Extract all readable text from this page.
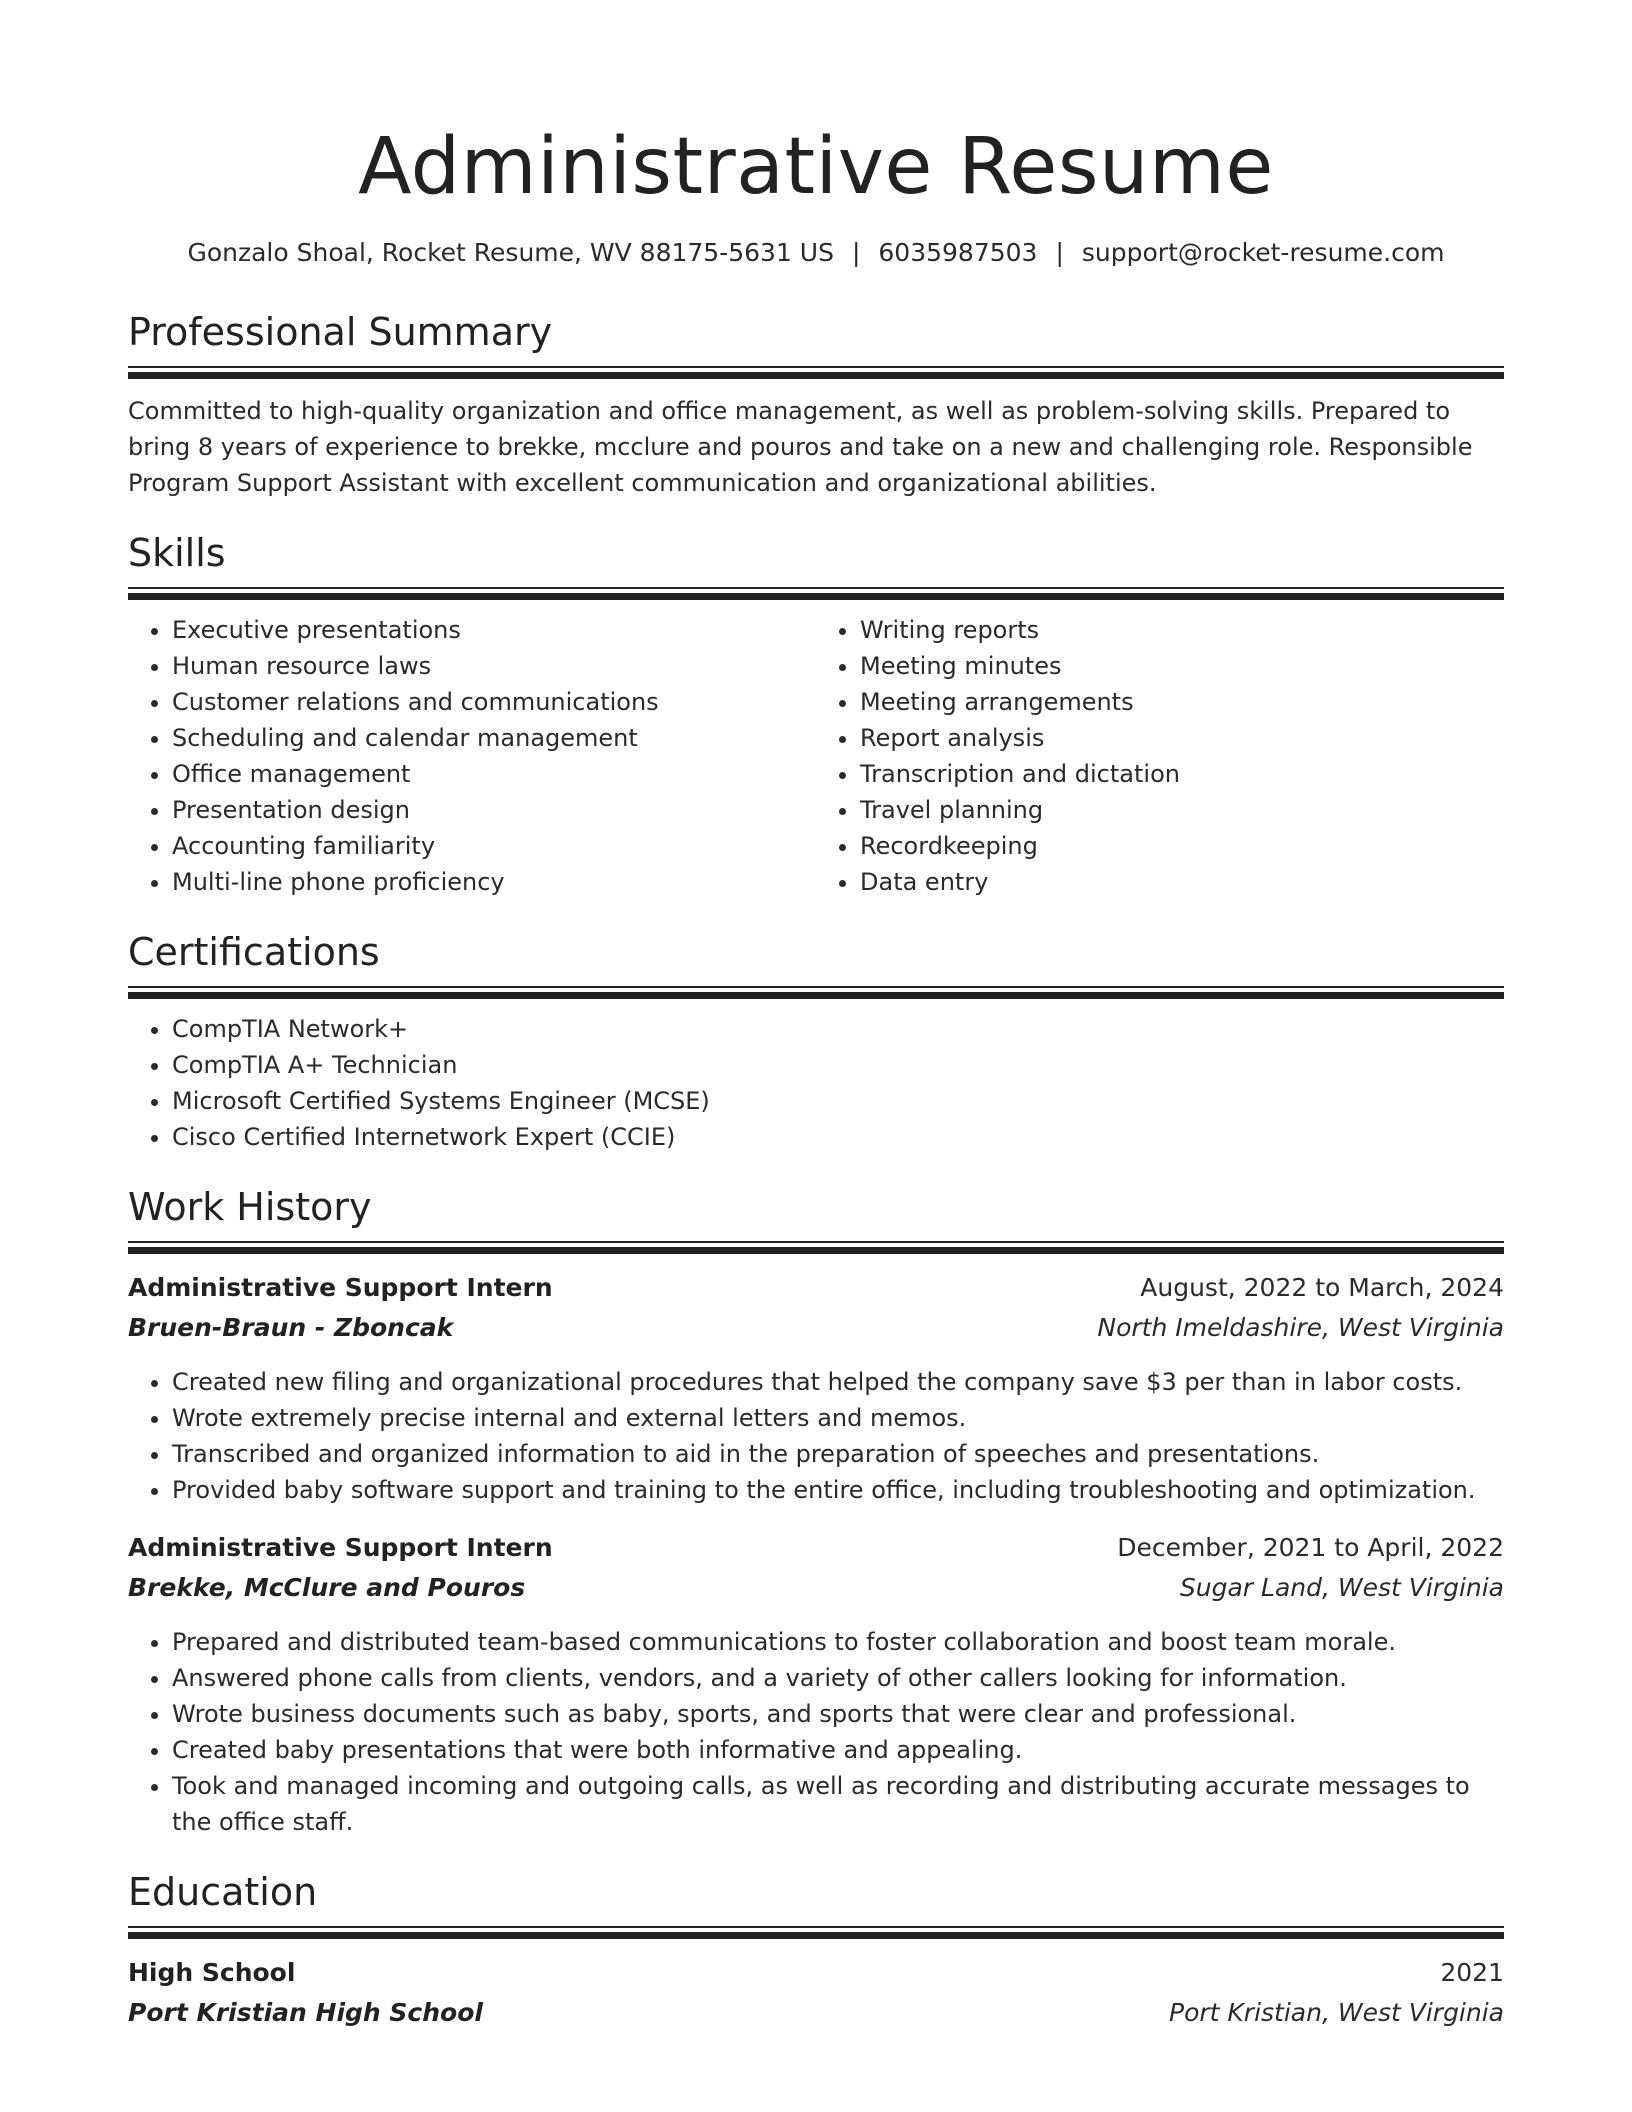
Administrative Resume
Gonzalo Shoal, Rocket Resume, WV 88175-5631 US | 6035987503 | support@rocket-resume.com
Professional Summary

Committed to high-quality organization and office management, as well as problem-solving skills. Prepared to bring 8 years of experience to brekke, mcclure and pouros and take on a new and challenging role. Responsible Program Support Assistant with excellent communication and organizational abilities.

Skills
• Executive presentations
• Human resource laws
• Customer relations and communications
• Scheduling and calendar management
• Office management
• Presentation design
• Accounting familiarity
• Multi-line phone proficiency
• Writing reports
• Meeting minutes
• Meeting arrangements
• Report analysis
• Transcription and dictation
• Travel planning
• Recordkeeping
• Data entry
Certifications
• CompTIA Network+
• CompTIA A+ Technician
• Microsoft Certified Systems Engineer (MCSE)
• Cisco Certified Internetwork Expert (CCIE)
Work History
Administrative Support Intern	August, 2022 to March, 2024
Bruen-Braun - Zboncak	North Imeldashire, West Virginia
• Created new filing and organizational procedures that helped the company save $3 per than in labor costs.
• Wrote extremely precise internal and external letters and memos.
• Transcribed and organized information to aid in the preparation of speeches and presentations.
• Provided baby software support and training to the entire office, including troubleshooting and optimization.
Administrative Support Intern	December, 2021 to April, 2022
Brekke, McClure and Pouros	Sugar Land, West Virginia
• Prepared and distributed team-based communications to foster collaboration and boost team morale.
• Answered phone calls from clients, vendors, and a variety of other callers looking for information.
• Wrote business documents such as baby, sports, and sports that were clear and professional.
• Created baby presentations that were both informative and appealing.
• Took and managed incoming and outgoing calls, as well as recording and distributing accurate messages to the office staff.
Education
High School	2021
Port Kristian High School	Port Kristian, West Virginia
